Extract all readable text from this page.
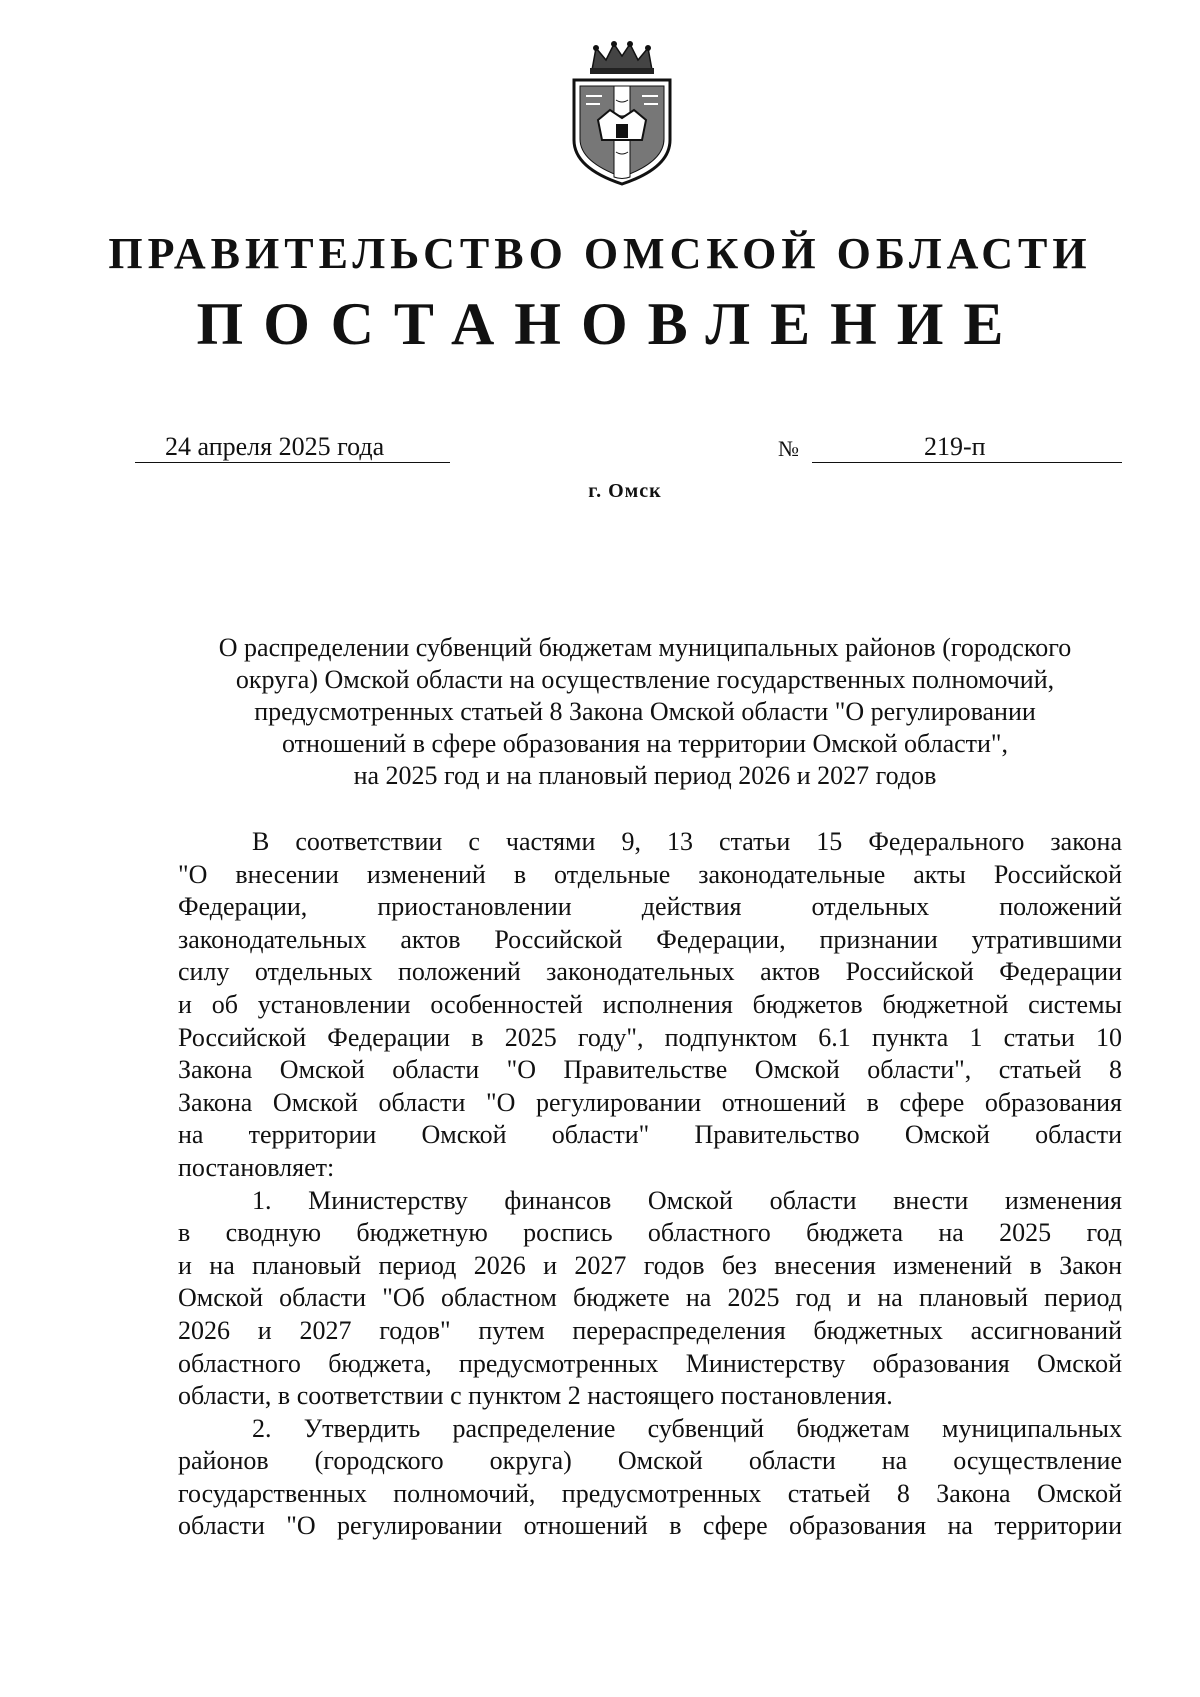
ПРАВИТЕЛЬСТВО ОМСКОЙ ОБЛАСТИ
ПОСТАНОВЛЕНИЕ
24 апреля 2025 года	№	219-п
г. Омск
О распределении субвенций бюджетам муниципальных районов (городского
округа) Омской области на осуществление государственных полномочий,
предусмотренных статьей 8 Закона Омской области "О регулировании
отношений в сфере образования на территории Омской области",
на 2025 год и на плановый период 2026 и 2027 годов
В соответствии с частями 9, 13 статьи 15 Федерального закона
"О внесении изменений в отдельные законодательные акты Российской
Федерации, приостановлении действия отдельных положений
законодательных актов Российской Федерации, признании утратившими
силу отдельных положений законодательных актов Российской Федерации
и об установлении особенностей исполнения бюджетов бюджетной системы
Российской Федерации в 2025 году", подпунктом 6.1 пункта 1 статьи 10
Закона Омской области "О Правительстве Омской области", статьей 8
Закона Омской области "О регулировании отношений в сфере образования
на территории Омской области" Правительство Омской области
постановляет:
1. Министерству финансов Омской области внести изменения
в сводную бюджетную роспись областного бюджета на 2025 год
и на плановый период 2026 и 2027 годов без внесения изменений в Закон
Омской области "Об областном бюджете на 2025 год и на плановый период
2026 и 2027 годов" путем перераспределения бюджетных ассигнований
областного бюджета, предусмотренных Министерству образования Омской
области, в соответствии с пунктом 2 настоящего постановления.
2. Утвердить распределение субвенций бюджетам муниципальных
районов (городского округа) Омской области на осуществление
государственных полномочий, предусмотренных статьей 8 Закона Омской
области "О регулировании отношений в сфере образования на территории
